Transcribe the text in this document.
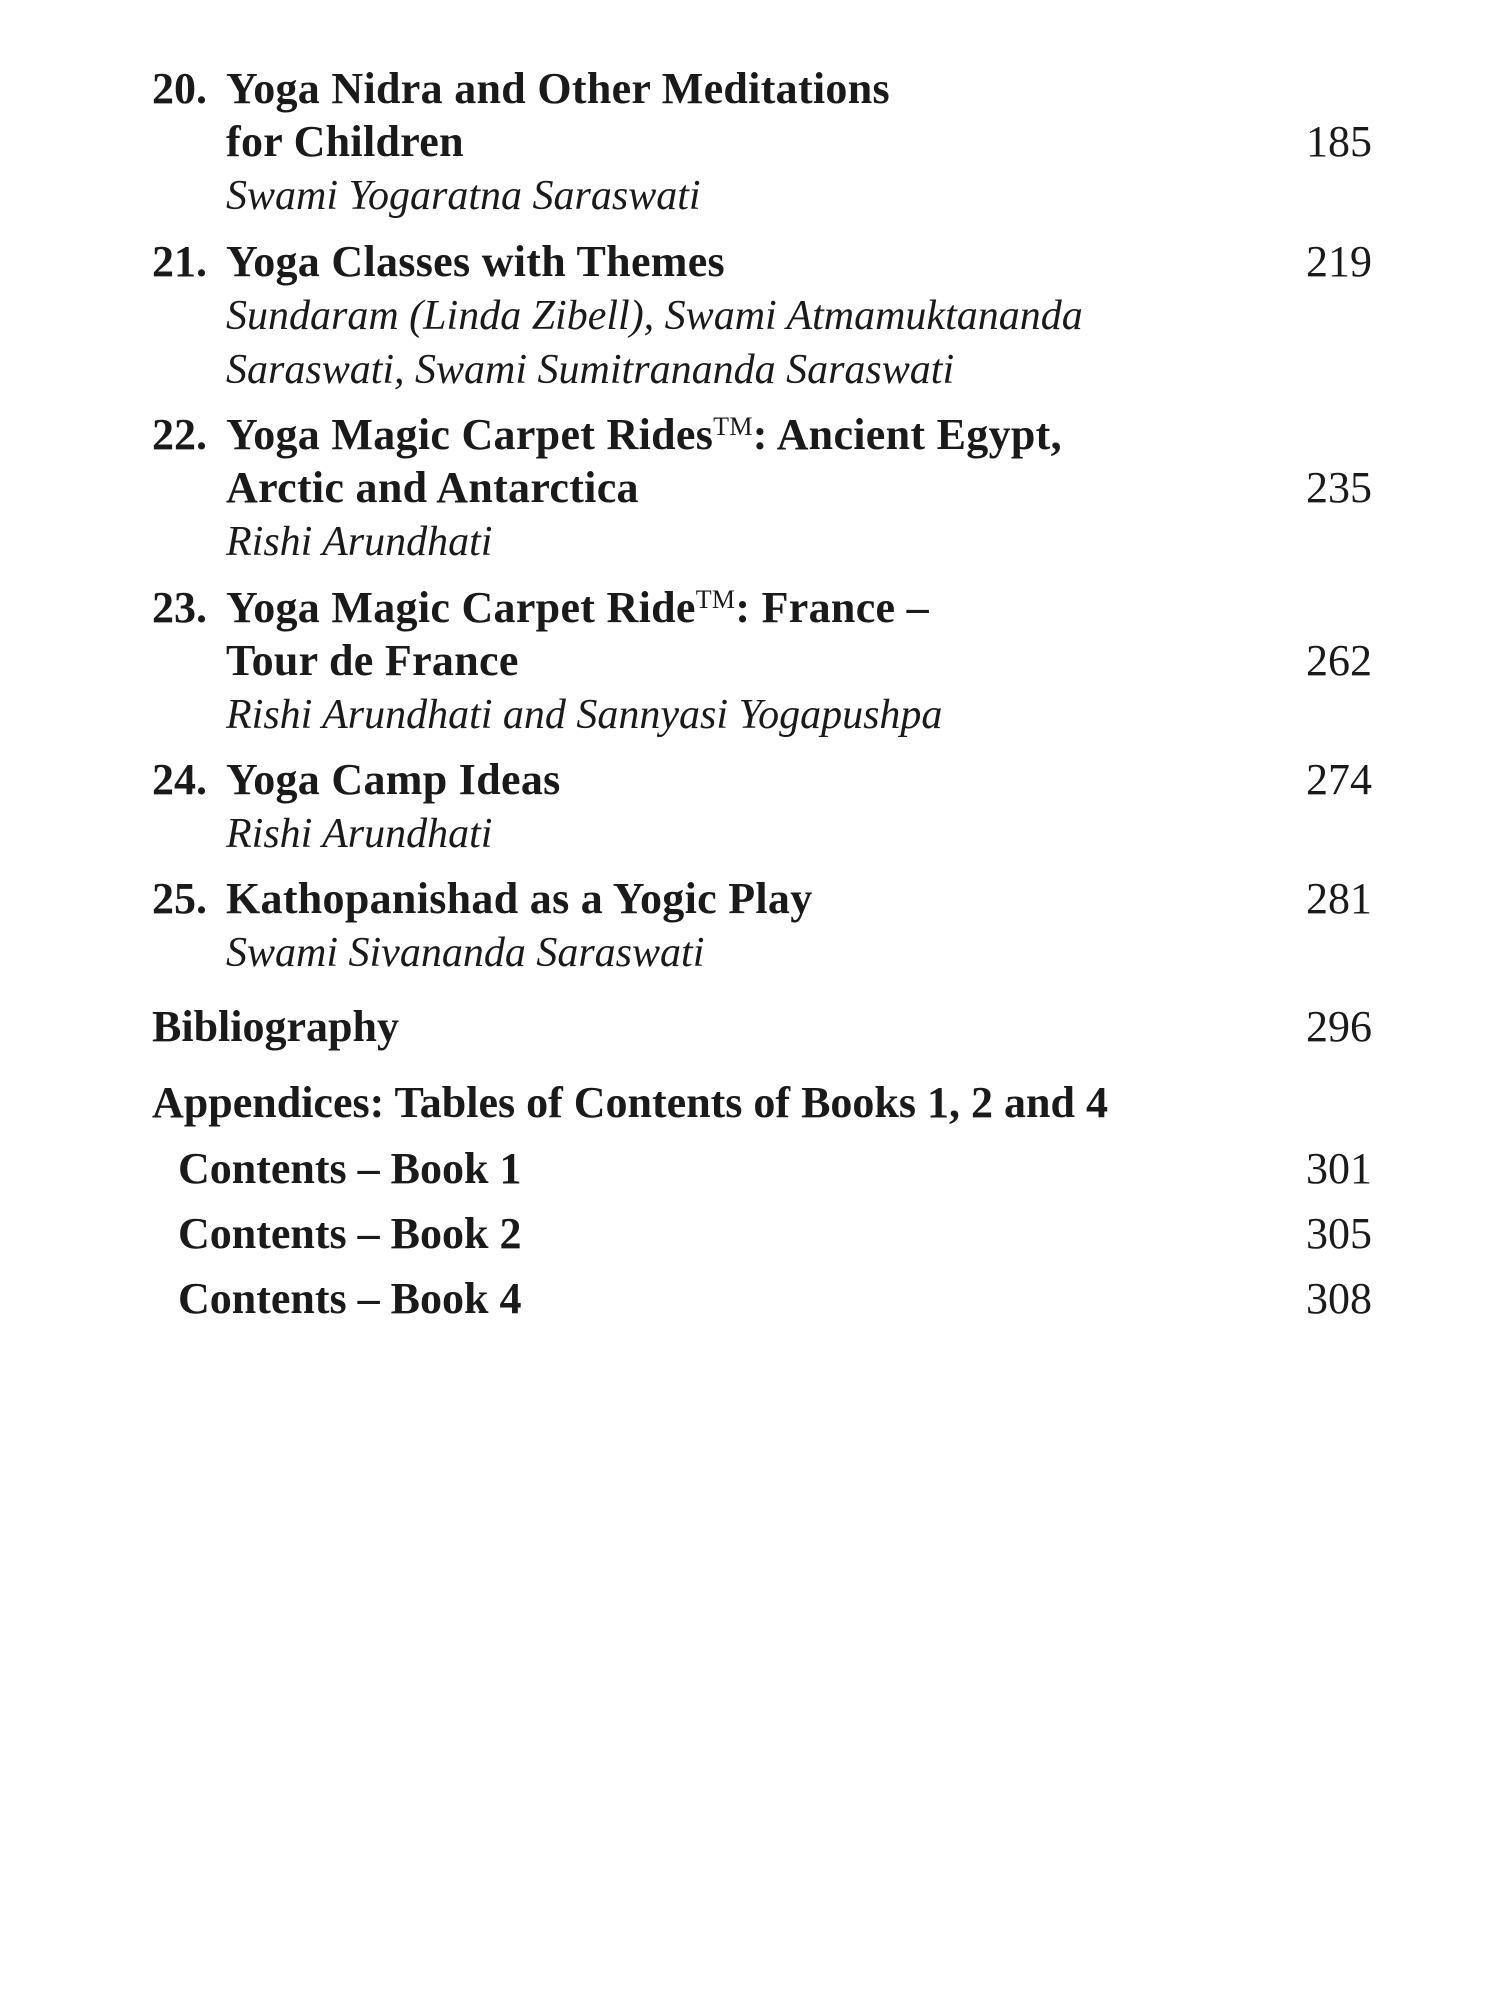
20. Yoga Nidra and Other Meditations
for Children	185
Swami Yogaratna Saraswati
21. Yoga Classes with Themes	219
Sundaram (Linda Zibell), Swami Atmamuktananda
Saraswati, Swami Sumitrananda Saraswati
22. Yoga Magic Carpet Rides™: Ancient Egypt,
Arctic and Antarctica	235
Rishi Arundhati
23. Yoga Magic Carpet Ride™: France –
Tour de France	262
Rishi Arundhati and Sannyasi Yogapushpa
24. Yoga Camp Ideas	274
Rishi Arundhati
25. Kathopanishad as a Yogic Play	281
Swami Sivananda Saraswati
Bibliography	296
Appendices: Tables of Contents of Books 1, 2 and 4
Contents – Book 1	301
Contents – Book 2	305
Contents – Book 4	308
